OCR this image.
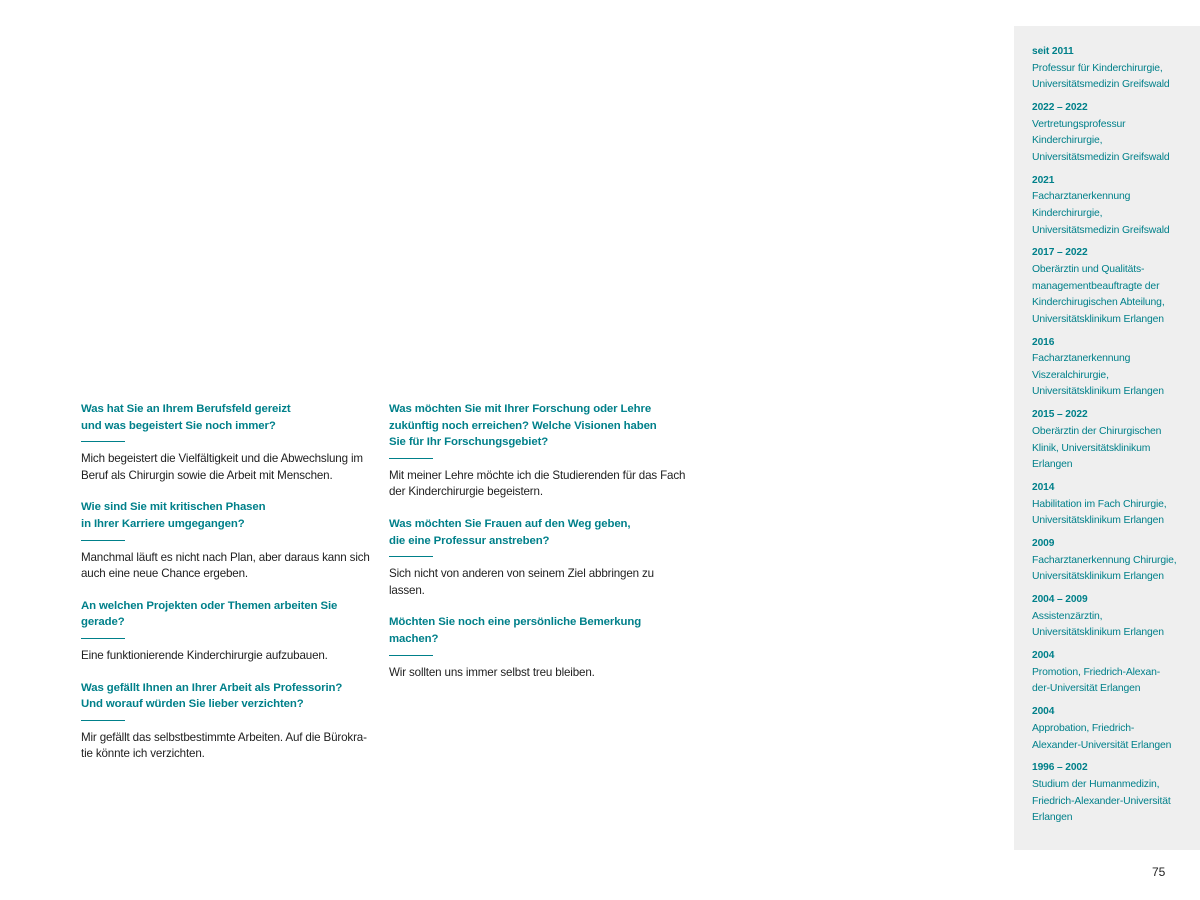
Was hat Sie an Ihrem Berufsfeld gereizt
und was begeistert Sie noch immer?
Mich begeistert die Vielfältigkeit und die Abwechslung im
Beruf als Chirurgin sowie die Arbeit mit Menschen.
Wie sind Sie mit kritischen Phasen
in Ihrer Karriere umgegangen?
Manchmal läuft es nicht nach Plan, aber daraus kann sich
auch eine neue Chance ergeben.
An welchen Projekten oder Themen arbeiten Sie gerade?
Eine funktionierende Kinderchirurgie aufzubauen.
Was gefällt Ihnen an Ihrer Arbeit als Professorin?
Und worauf würden Sie lieber verzichten?
Mir gefällt das selbstbestimmte Arbeiten. Auf die Bürokra-
tie könnte ich verzichten.
Was möchten Sie mit Ihrer Forschung oder Lehre
zukünftig noch erreichen? Welche Visionen haben
Sie für Ihr Forschungsgebiet?
Mit meiner Lehre möchte ich die Studierenden für das Fach
der Kinderchirurgie begeistern.
Was möchten Sie Frauen auf den Weg geben,
die eine Professur anstreben?
Sich nicht von anderen von seinem Ziel abbringen zu lassen.
Möchten Sie noch eine persönliche Bemerkung machen?
Wir sollten uns immer selbst treu bleiben.
seit 2011
Professur für Kinderchirurgie,
Universitätsmedizin Greifswald
2022 – 2022
Vertretungsprofessur
Kinderchirurgie,
Universitätsmedizin Greifswald
2021
Facharztanerkennung
Kinderchirurgie,
Universitätsmedizin Greifswald
2017 – 2022
Oberärztin und Qualitäts-
managementbeauftragte der
Kinderchirugischen Abteilung,
Universitätsklinikum Erlangen
2016
Facharztanerkennung
Viszeralchirurgie,
Universitätsklinikum Erlangen
2015 – 2022
Oberärztin der Chirurgischen
Klinik, Universitätsklinikum
Erlangen
2014
Habilitation im Fach Chirurgie,
Universitätsklinikum Erlangen
2009
Facharztanerkennung Chirurgie,
Universitätsklinikum Erlangen
2004 – 2009
Assistenzärztin,
Universitätsklinikum Erlangen
2004
Promotion, Friedrich-Alexan-
der-Universität Erlangen
2004
Approbation, Friedrich-
Alexander-Universität Erlangen
1996 – 2002
Studium der Humanmedizin,
Friedrich-Alexander-Universität
Erlangen
75
